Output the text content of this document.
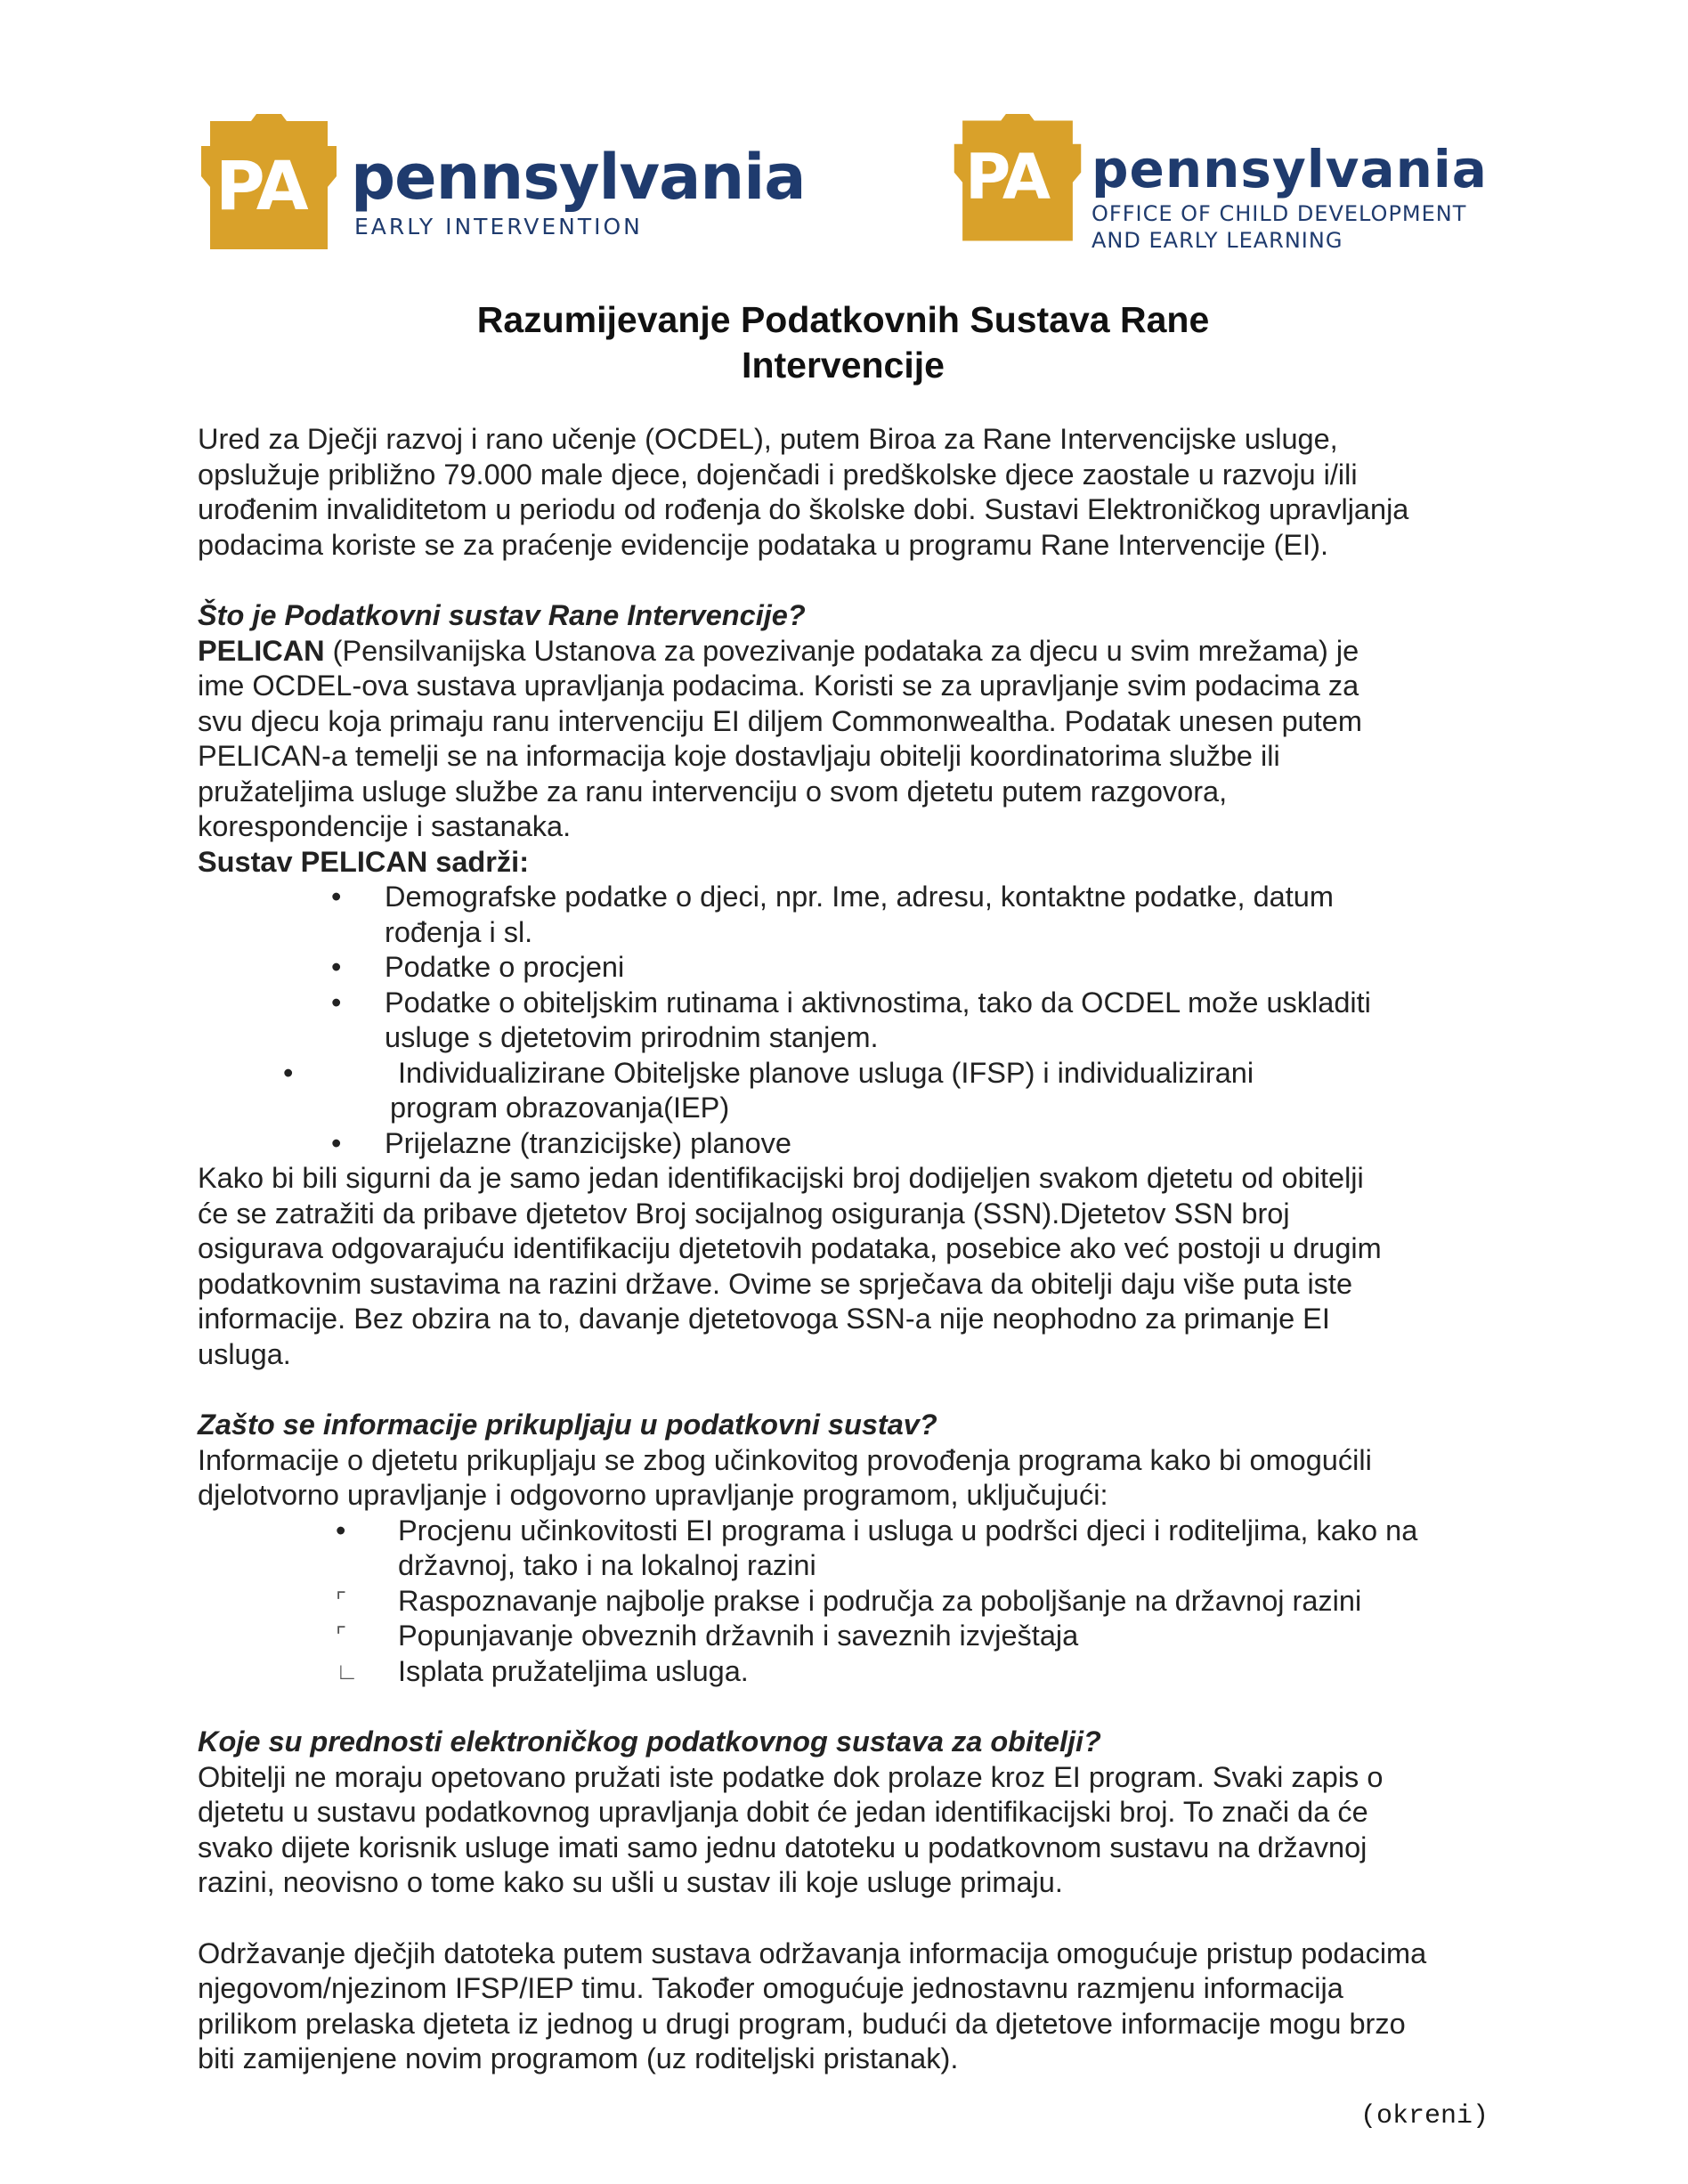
PA pennsylvania
EARLY INTERVENTION
PA pennsylvania
OFFICE OF CHILD DEVELOPMENT
AND EARLY LEARNING
Razumijevanje Podatkovnih Sustava Rane
Intervencije

Ured za Dječji razvoj i rano učenje (OCDEL), putem Biroa za Rane Intervencijske usluge,

opslužuje približno 79.000 male djece, dojenčadi i predškolske djece zaostale u razvoju i/ili

urođenim invaliditetom u periodu od rođenja do školske dobi. Sustavi Elektroničkog upravljanja

podacima koriste se za praćenje evidencije podataka u programu Rane Intervencije (EI).

Što je Podatkovni sustav Rane Intervencije?

PELICAN (Pensilvanijska Ustanova za povezivanje podataka za djecu u svim mrežama) je

ime OCDEL-ova sustava upravljanja podacima. Koristi se za upravljanje svim podacima za

svu djecu koja primaju ranu intervenciju EI diljem Commonwealtha. Podatak unesen putem

PELICAN-a temelji se na informacija koje dostavljaju obitelji koordinatorima službe ili

pružateljima usluge službe za ranu intervenciju o svom djetetu putem razgovora,

korespondencije i sastanaka.

Sustav PELICAN sadrži:

• Demografske podatke o djeci, npr. Ime, adresu, kontaktne podatke, datum
rođenja i sl.
• Podatke o procjeni
• Podatke o obiteljskim rutinama i aktivnostima, tako da OCDEL može uskladiti
usluge s djetetovim prirodnim stanjem.
•	Individualizirane Obiteljske planove usluga (IFSP) i individualizirani
program obrazovanja(IEP)
• Prijelazne (tranzicijske) planove

Kako bi bili sigurni da je samo jedan identifikacijski broj dodijeljen svakom djetetu od obitelji

će se zatražiti da pribave djetetov Broj socijalnog osiguranja (SSN).Djetetov SSN broj

osigurava odgovarajuću identifikaciju djetetovih podataka, posebice ako već postoji u drugim

podatkovnim sustavima na razini države. Ovime se sprječava da obitelji daju više puta iste

informacije. Bez obzira na to, davanje djetetovoga SSN-a nije neophodno za primanje EI

usluga.

Zašto se informacije prikupljaju u podatkovni sustav?

Informacije o djetetu prikupljaju se zbog učinkovitog provođenja programa kako bi omogućili

djelotvorno upravljanje i odgovorno upravljanje programom, uključujući:

• Procjenu učinkovitosti EI programa i usluga u podršci djeci i roditeljima, kako na
državnoj, tako i na lokalnoj razini
⌜ Raspoznavanje najbolje prakse i područja za poboljšanje na državnoj razini
⌜ Popunjavanje obveznih državnih i saveznih izvještaja
∟ Isplata pružateljima usluga.

Koje su prednosti elektroničkog podatkovnog sustava za obitelji?

Obitelji ne moraju opetovano pružati iste podatke dok prolaze kroz EI program. Svaki zapis o

djetetu u sustavu podatkovnog upravljanja dobit će jedan identifikacijski broj. To znači da će

svako dijete korisnik usluge imati samo jednu datoteku u podatkovnom sustavu na državnoj

razini, neovisno o tome kako su ušli u sustav ili koje usluge primaju.

Održavanje dječjih datoteka putem sustava održavanja informacija omogućuje pristup podacima

njegovom/njezinom IFSP/IEP timu. Također omogućuje jednostavnu razmjenu informacija

prilikom prelaska djeteta iz jednog u drugi program, budući da djetetove informacije mogu brzo

biti zamijenjene novim programom (uz roditeljski pristanak).

(okreni)
